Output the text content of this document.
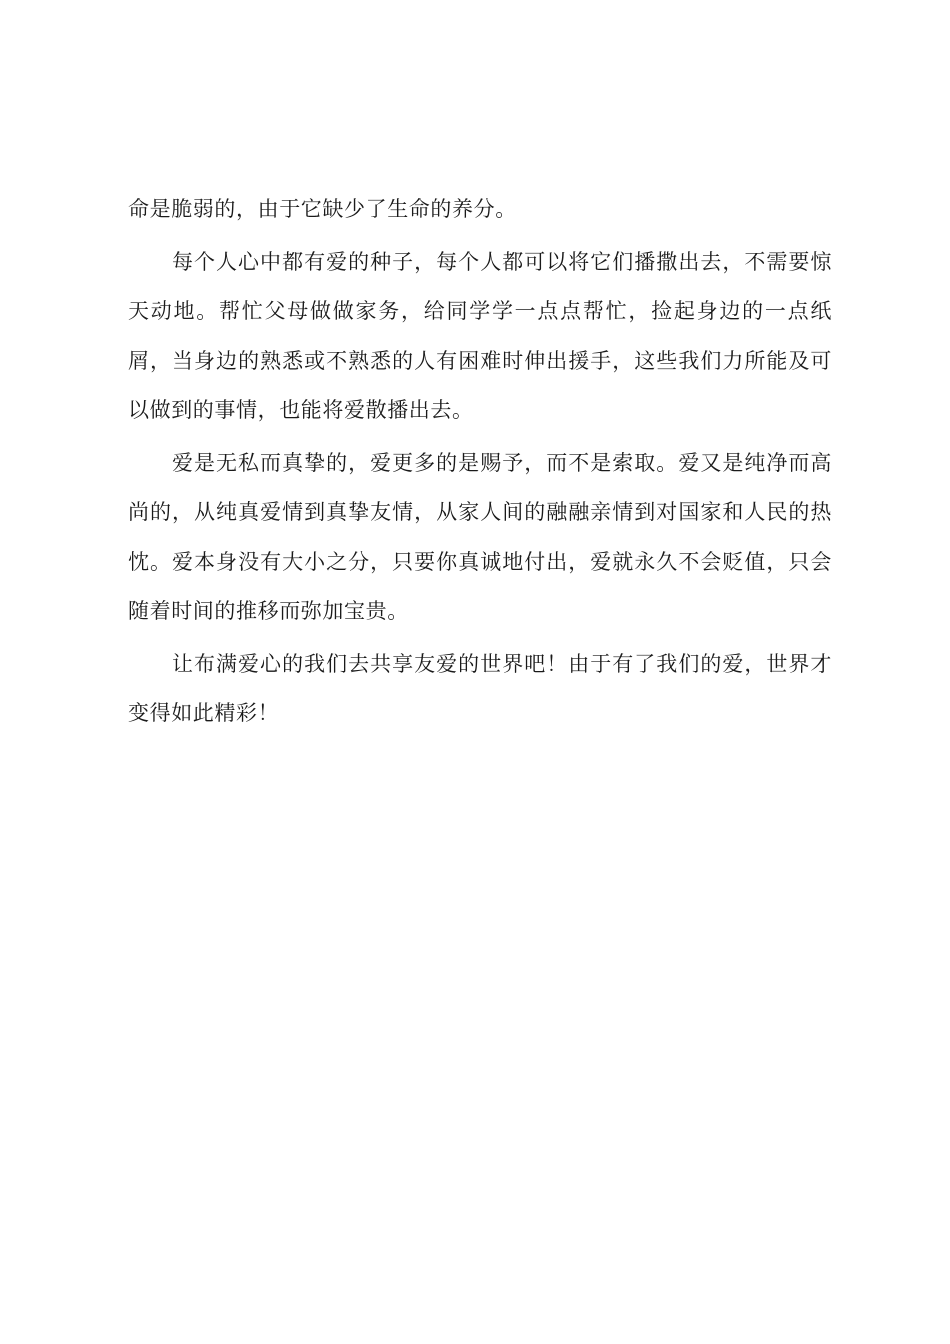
命是脆弱的，由于它缺少了生命的养分。

每个人心中都有爱的种子，每个人都可以将它们播撒出去，不需要惊天动地。帮忙父母做做家务，给同学学一点点帮忙，捡起身边的一点纸屑，当身边的熟悉或不熟悉的人有困难时伸出援手，这些我们力所能及可以做到的事情，也能将爱散播出去。

爱是无私而真挚的，爱更多的是赐予，而不是索取。爱又是纯净而高尚的，从纯真爱情到真挚友情，从家人间的融融亲情到对国家和人民的热忱。爱本身没有大小之分，只要你真诚地付出，爱就永久不会贬值，只会随着时间的推移而弥加宝贵。

让布满爱心的我们去共享友爱的世界吧！由于有了我们的爱，世界才变得如此精彩！
